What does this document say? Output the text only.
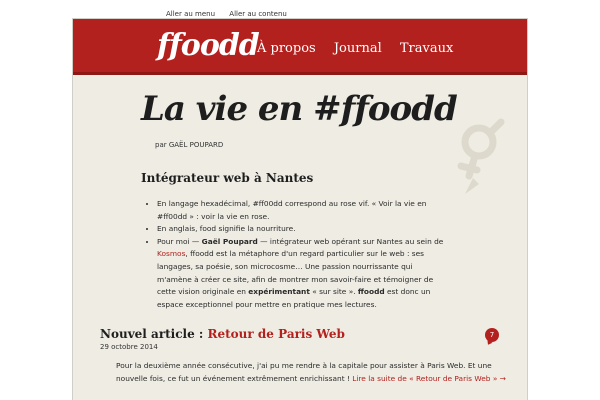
Aller au menu Aller au contenu
ffoodd
À propos Journal Travaux
La vie en #ffoodd
par GAËL POUPARD
Intégrateur web à Nantes
• En langage hexadécimal, #ff00dd correspond au rose vif. « Voir la vie en #ff00dd » : voir la vie en rose.
• En anglais, food signifie la nourriture.
• Pour moi — Gaël Poupard — intégrateur web opérant sur Nantes au sein de Kosmos, ffoodd est la métaphore d'un regard particulier sur le web : ses langages, sa poésie, son microcosme… Une passion nourrissante qui m'amène à créer ce site, afin de montrer mon savoir-faire et témoigner de cette vision originale en expérimentant « sur site ». ffoodd est donc un espace exceptionnel pour mettre en pratique mes lectures.
Nouvel article : Retour de Paris Web
29 octobre 2014
7

Pour la deuxième année consécutive, j'ai pu me rendre à la capitale pour assister à Paris Web. Et une nouvelle fois, ce fut un événement extrêmement enrichissant ! Lire la suite de « Retour de Paris Web » →
